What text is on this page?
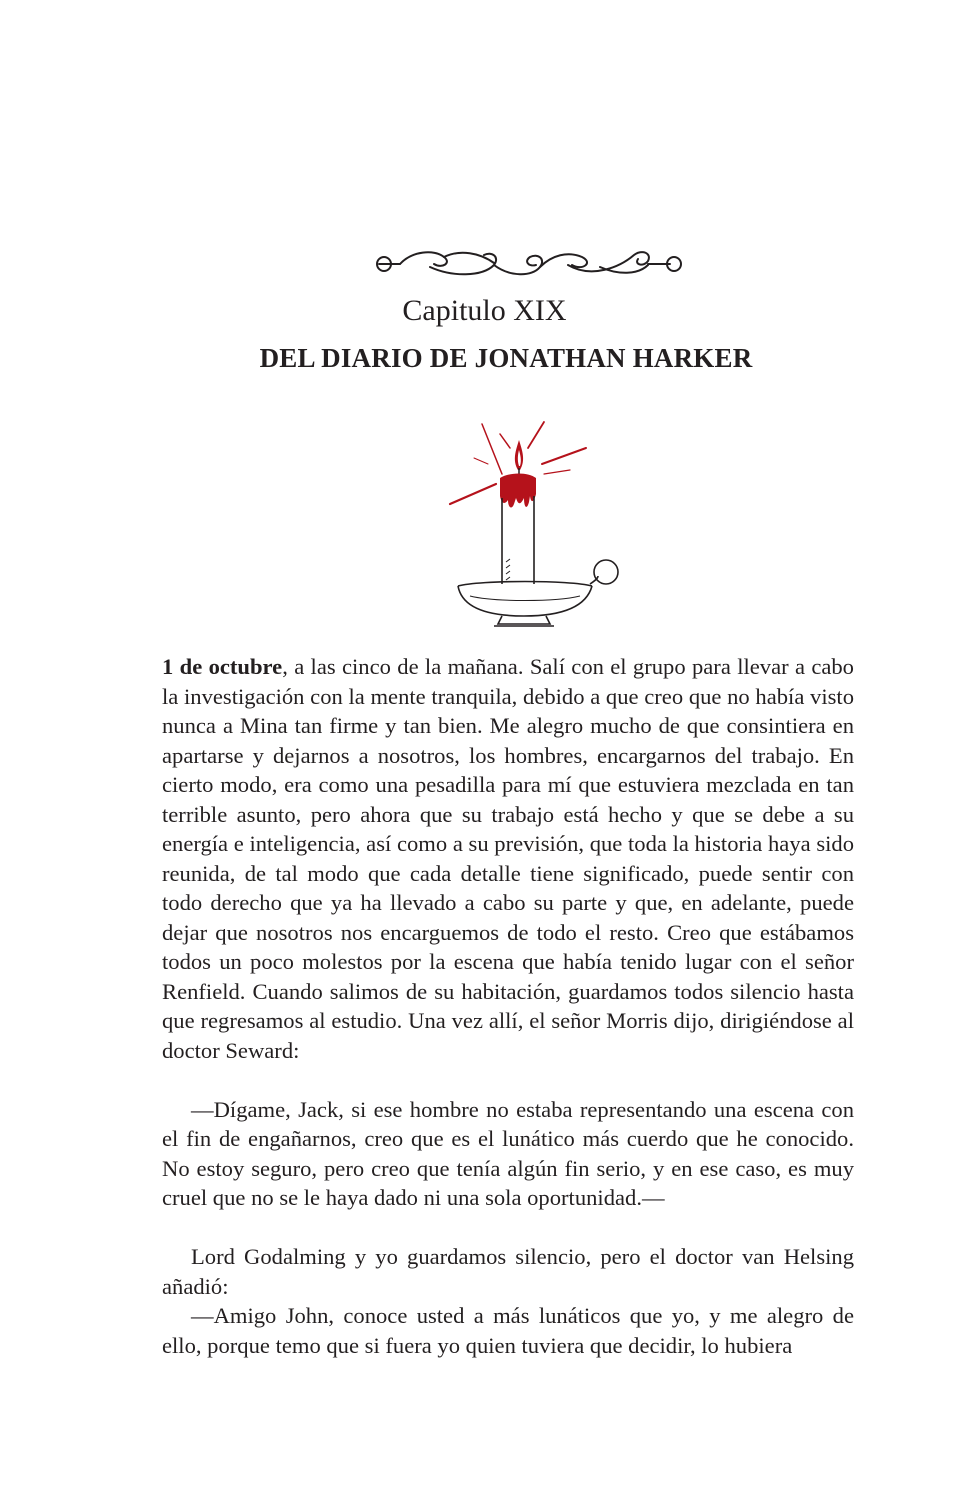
Capitulo XIX
DEL DIARIO DE JONATHAN HARKER

1 de octubre, a las cinco de la mañana. Salí con el grupo para llevar a cabo la investigación con la mente tranquila, debido a que creo que no había visto nunca a Mina tan firme y tan bien. Me alegro mucho de que consintiera en apartarse y dejarnos a nosotros, los hombres, encargarnos del trabajo. En cierto modo, era como una pesadilla para mí que estuviera mezclada en tan terrible asunto, pero ahora que su trabajo está hecho y que se debe a su energía e inteligencia, así como a su previsión, que toda la historia haya sido reunida, de tal modo que cada detalle tiene significado, puede sentir con todo derecho que ya ha llevado a cabo su parte y que, en adelante, puede dejar que nosotros nos encarguemos de todo el resto. Creo que estábamos todos un poco molestos por la escena que había tenido lugar con el señor Renfield. Cuando salimos de su habitación, guardamos todos silencio hasta que regresamos al estudio. Una vez allí, el señor Morris dijo, dirigiéndose al doctor Seward:

—Dígame, Jack, si ese hombre no estaba representando una escena con el fin de engañarnos, creo que es el lunático más cuerdo que he conocido. No estoy seguro, pero creo que tenía algún fin serio, y en ese caso, es muy cruel que no se le haya dado ni una sola oportunidad.—

Lord Godalming y yo guardamos silencio, pero el doctor van Helsing añadió:

—Amigo John, conoce usted a más lunáticos que yo, y me alegro de ello, porque temo que si fuera yo quien tuviera que decidir, lo hubiera
